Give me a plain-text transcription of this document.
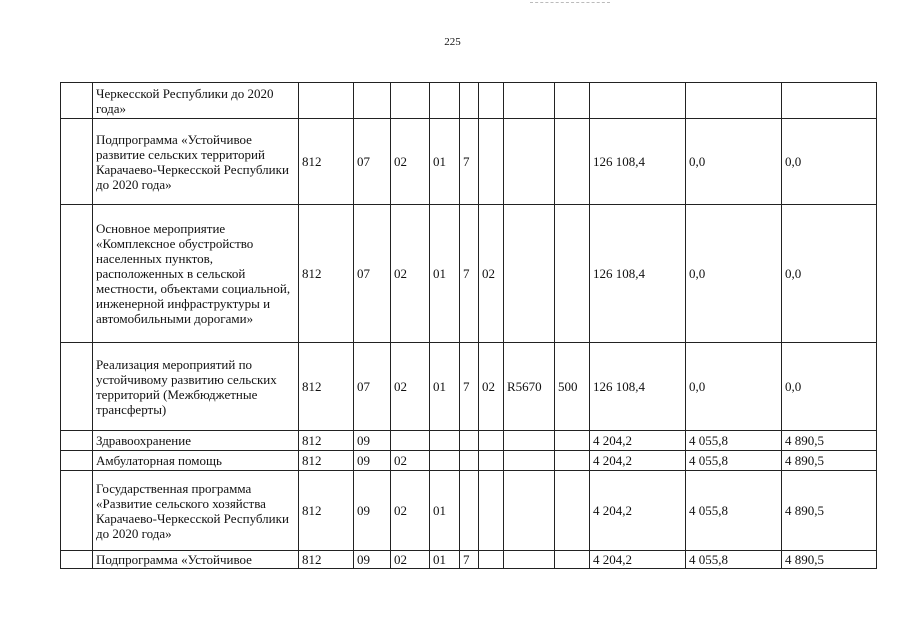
225
	Черкесской Республики до 2020 года»											
	Подпрограмма «Устойчивое развитие сельских территорий Карачаево-Черкесской Республики до 2020 года»	812	07	02	01	7				126 108,4	0,0	0,0
	Основное мероприятие «Комплексное обустройство населенных пунктов, расположенных в сельской местности, объектами социальной, инженерной инфраструктуры и автомобильными дорогами»	812	07	02	01	7	02			126 108,4	0,0	0,0
	Реализация мероприятий по устойчивому развитию сельских территорий (Межбюджетные трансферты)	812	07	02	01	7	02	R5670	500	126 108,4	0,0	0,0
	Здравоохранение	812	09							4 204,2	4 055,8	4 890,5
	Амбулаторная помощь	812	09	02						4 204,2	4 055,8	4 890,5
	Государственная программа «Развитие сельского хозяйства Карачаево-Черкесской Республики до 2020 года»	812	09	02	01					4 204,2	4 055,8	4 890,5
	Подпрограмма «Устойчивое	812	09	02	01	7				4 204,2	4 055,8	4 890,5
